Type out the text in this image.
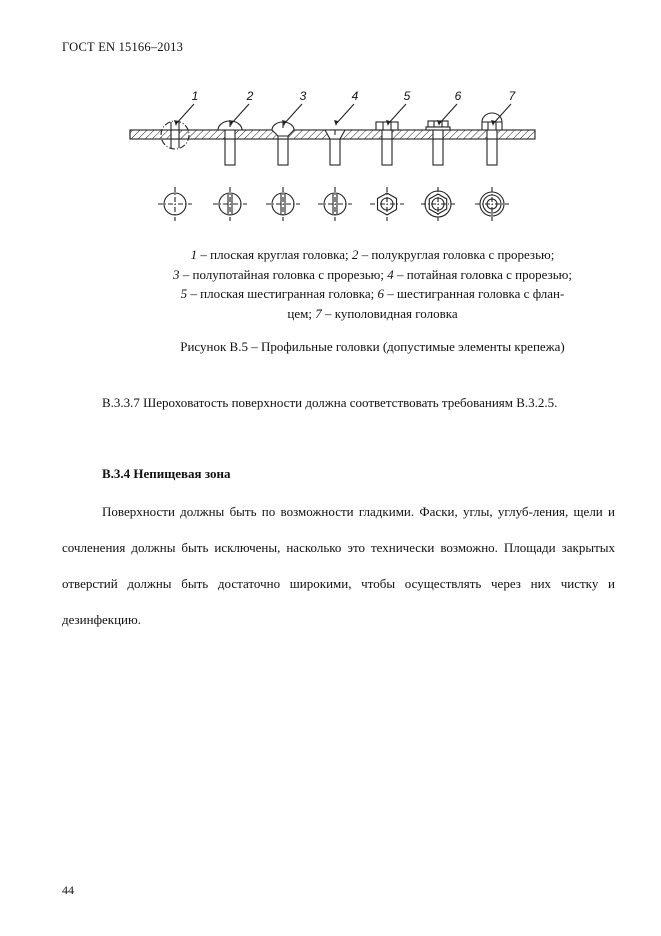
ГОСТ EN 15166–2013
1	2	3	4	5	6	7
1 – плоская круглая головка; 2 – полукруглая головка с прорезью;
3 – полупотайная головка с прорезью; 4 – потайная головка с прорезью;
5 – плоская шестигранная головка; 6 – шестигранная головка с флан-
цем; 7 – куполовидная головка
Рисунок В.5 – Профильные головки (допустимые элементы крепежа)

В.3.3.7 Шероховатость поверхности должна соответствовать требованиям В.3.2.5.

В.3.4 Непищевая зона

Поверхности должны быть по возможности гладкими. Фаски, углы, углуб-ления, щели и сочленения должны быть исключены, насколько это технически возможно. Площади закрытых отверстий должны быть достаточно широкими, чтобы осуществлять через них чистку и дезинфекцию.

44
